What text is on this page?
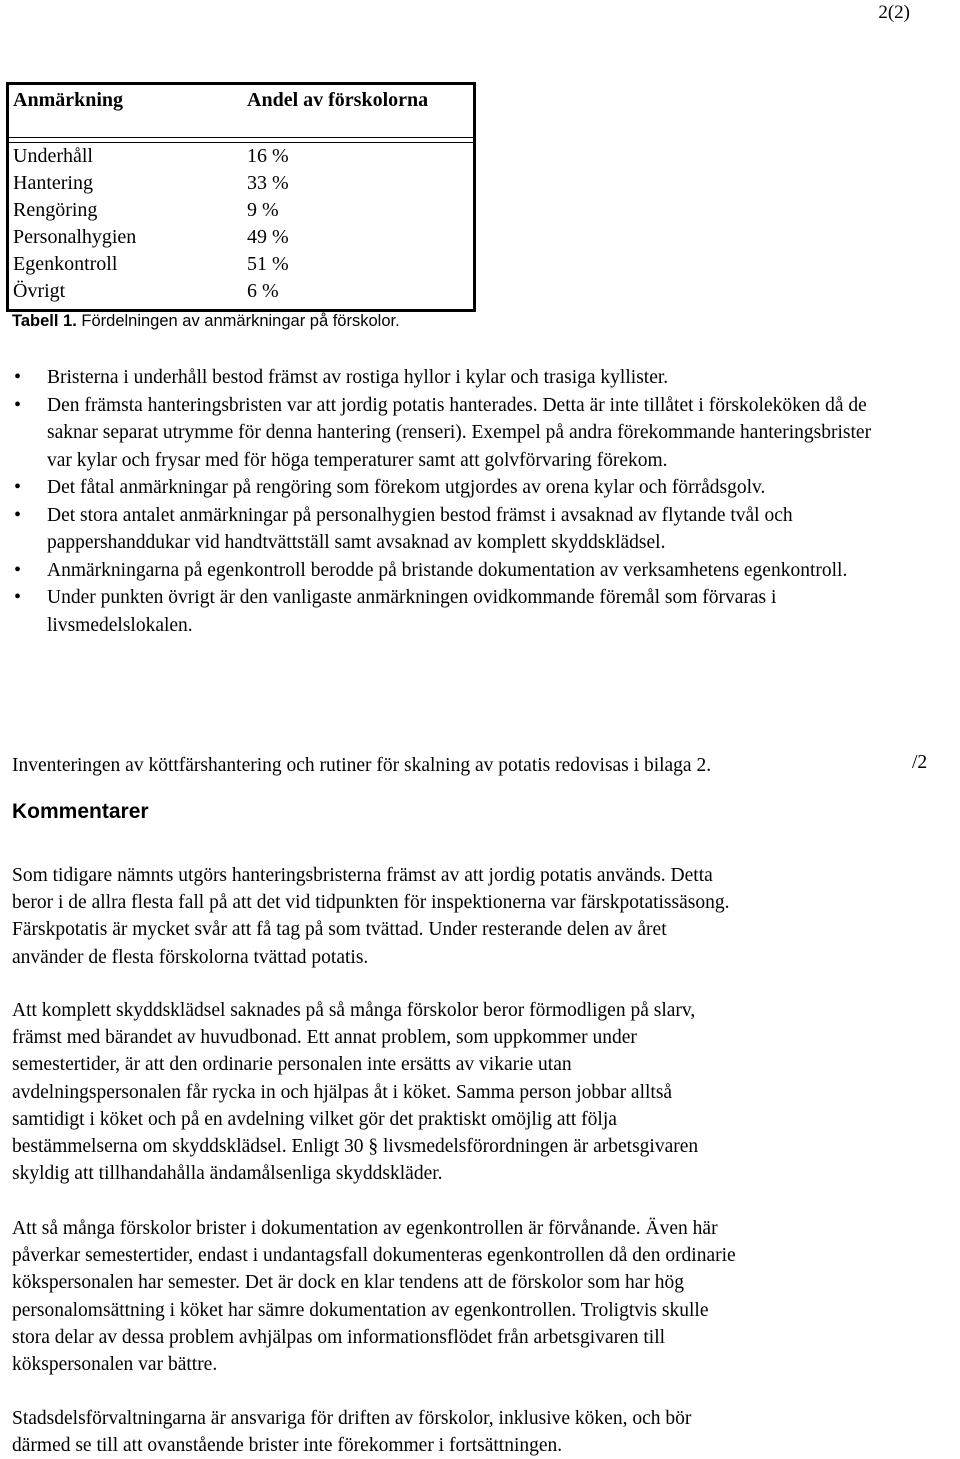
2(2)
Anmärkning	Andel av förskolorna
Underhåll	16 %
Hantering	33 %
Rengöring	9 %
Personalhygien	49 %
Egenkontroll	51 %
Övrigt	6 %
Tabell 1. Fördelningen av anmärkningar på förskolor.

• Bristerna i underhåll bestod främst av rostiga hyllor i kylar och trasiga kyllister.

• Den främsta hanteringsbristen var att jordig potatis hanterades. Detta är inte tillåtet i förskoleköken då de saknar separat utrymme för denna hantering (renseri). Exempel på andra förekommande hanteringsbrister var kylar och frysar med för höga temperaturer samt att golvförvaring förekom.

• Det fåtal anmärkningar på rengöring som förekom utgjordes av orena kylar och förrådsgolv.

• Det stora antalet anmärkningar på personalhygien bestod främst i avsaknad av flytande tvål och pappershanddukar vid handtvättställ samt avsaknad av komplett skyddsklädsel.

• Anmärkningarna på egenkontroll berodde på bristande dokumentation av verksamhetens egenkontroll.

• Under punkten övrigt är den vanligaste anmärkningen ovidkommande föremål som förvaras i livsmedelslokalen.

Inventeringen av köttfärshantering och rutiner för skalning av potatis redovisas i bilaga 2.	/2
Kommentarer
Som tidigare nämnts utgörs hanteringsbristerna främst av att jordig potatis används. Detta
beror i de allra flesta fall på att det vid tidpunkten för inspektionerna var färskpotatissäsong.
Färskpotatis är mycket svår att få tag på som tvättad. Under resterande delen av året
använder de flesta förskolorna tvättad potatis.
Att komplett skyddsklädsel saknades på så många förskolor beror förmodligen på slarv,
främst med bärandet av huvudbonad. Ett annat problem, som uppkommer under
semestertider, är att den ordinarie personalen inte ersätts av vikarie utan
avdelningspersonalen får rycka in och hjälpas åt i köket. Samma person jobbar alltså
samtidigt i köket och på en avdelning vilket gör det praktiskt omöjlig att följa
bestämmelserna om skyddsklädsel. Enligt 30 § livsmedelsförordningen är arbetsgivaren
skyldig att tillhandahålla ändamålsenliga skyddskläder.
Att så många förskolor brister i dokumentation av egenkontrollen är förvånande. Även här
påverkar semestertider, endast i undantagsfall dokumenteras egenkontrollen då den ordinarie
kökspersonalen har semester. Det är dock en klar tendens att de förskolor som har hög
personalomsättning i köket har sämre dokumentation av egenkontrollen. Troligtvis skulle
stora delar av dessa problem avhjälpas om informationsflödet från arbetsgivaren till
kökspersonalen var bättre.
Stadsdelsförvaltningarna är ansvariga för driften av förskolor, inklusive köken, och bör
därmed se till att ovanstående brister inte förekommer i fortsättningen.
